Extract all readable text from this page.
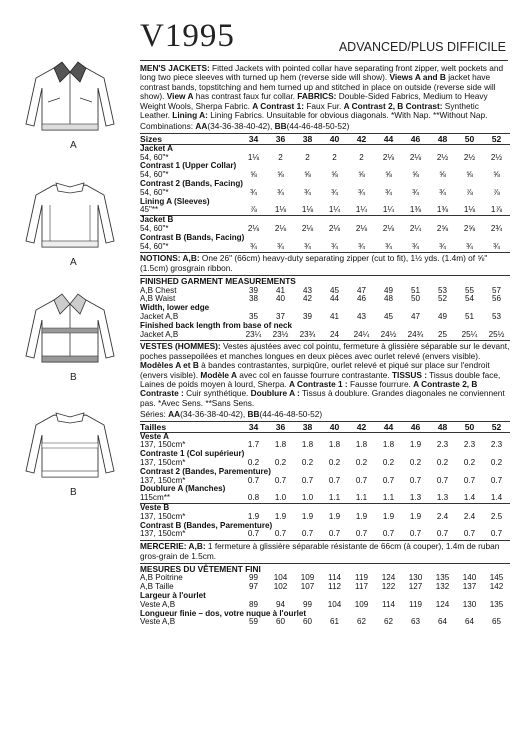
V1995	ADVANCED/PLUS DIFFICILE
A
A
B
B

MEN'S JACKETS: Fitted Jackets with pointed collar have separating front zipper, welt pockets and long two piece sleeves with turned up hem (reverse side will show). Views A and B jacket have contrast bands, topstitching and hem turned up and stitched in place on outside (reverse side will show). View A has contrast faux fur collar. FABRICS: Double-Sided Fabrics, Medium to Heavy Weight Wools, Sherpa Fabric. A Contrast 1: Faux Fur. A Contrast 2, B Contrast: Synthetic Leather. Lining A: Lining Fabrics. Unsuitable for obvious diagonals. *With Nap. **Without Nap.

Combinations: AA(34-36-38-40-42), BB(44-46-48-50-52)
Sizes	34	36	38	40	42	44	46	48	50	52
Jacket A										
54, 60"*	1⅛	2	2	2	2	2⅛	2⅛	2½	2½	2½
Contrast 1 (Upper Collar)										
54, 60"*	⅝	⅝	⅝	⅝	⅝	⅝	⅝	⅝	⅝	⅝
Contrast 2 (Bands, Facing)										
54, 60"*	¾	¾	¾	¾	¾	¾	¾	¾	⅞	⅞
Lining A (Sleeves)										
45"**	⅞	1⅛	1⅛	1¼	1¼	1¼	1⅜	1⅜	1⅛	1⅞
Jacket B										
54, 60"*	2⅛	2⅛	2⅛	2⅛	2⅛	2⅛	2¼	2⅝	2⅝	2¾
Contrast B (Bands, Facing)										
54, 60"*	¾	¾	¾	¾	¾	¾	¾	¾	¾	¾

NOTIONS: A,B: One 26" (66cm) heavy-duty separating zipper (cut to fit), 1½ yds. (1.4m) of ⅝" (1.5cm) grosgrain ribbon.

FINISHED GARMENT MEASUREMENTS
A,B Chest	39	41	43	45	47	49	51	53	55	57
A,B Waist	38	40	42	44	46	48	50	52	54	56
Width, lower edge										
Jacket A,B	35	37	39	41	43	45	47	49	51	53
Finished back length from base of neck										
Jacket A,B	23¼	23½	23¾	24	24¼	24½	24¾	25	25¼	25½

VESTES (HOMMES): Vestes ajustées avec col pointu, fermeture à glissière séparable sur le devant, poches passepoilées et manches longues en deux pièces avec ourlet relevé (envers visible). Modèles A et B à bandes contrastantes, surpiqûre, ourlet relevé et piqué sur place sur l'endroit (envers visible). Modèle A avec col en fausse fourrure contrastante. TISSUS : Tissus double face, Laines de poids moyen à lourd, Sherpa. A Contraste 1 : Fausse fourrure. A Contraste 2, B Contraste : Cuir synthétique. Doublure A : Tissus à doublure. Grandes diagonales ne conviennent pas. *Avec Sens. **Sans Sens.

Séries: AA(34-36-38-40-42), BB(44-46-48-50-52)
Tailles	34	36	38	40	42	44	46	48	50	52
Veste A										
137, 150cm*	1.7	1.8	1.8	1.8	1.8	1.8	1.9	2.3	2.3	2.3
Contraste 1 (Col supérieur)										
137, 150cm*	0.2	0.2	0.2	0.2	0.2	0.2	0.2	0.2	0.2	0.2
Contrast 2 (Bandes, Parementure)										
137, 150cm*	0.7	0.7	0.7	0.7	0.7	0.7	0.7	0.7	0.7	0.7
Doublure A (Manches)										
115cm**	0.8	1.0	1.0	1.1	1.1	1.1	1.3	1.3	1.4	1.4
Veste B										
137, 150cm*	1.9	1.9	1.9	1.9	1.9	1.9	1.9	2.4	2.4	2.5
Contrast B (Bandes, Parementure)										
137, 150cm*	0.7	0.7	0.7	0.7	0.7	0.7	0.7	0.7	0.7	0.7

MERCERIE: A,B: 1 fermeture à glissière séparable résistante de 66cm (à couper), 1.4m de ruban gros-grain de 1.5cm.

MESURES DU VÊTEMENT FINI
A,B Poitrine	99	104	109	114	119	124	130	135	140	145
A,B Taille	97	102	107	112	117	122	127	132	137	142
Largeur à l'ourlet										
Veste A,B	89	94	99	104	109	114	119	124	130	135
Longueur finie – dos, votre nuque à l'ourlet										
Veste A,B	59	60	60	61	62	62	63	64	64	65
